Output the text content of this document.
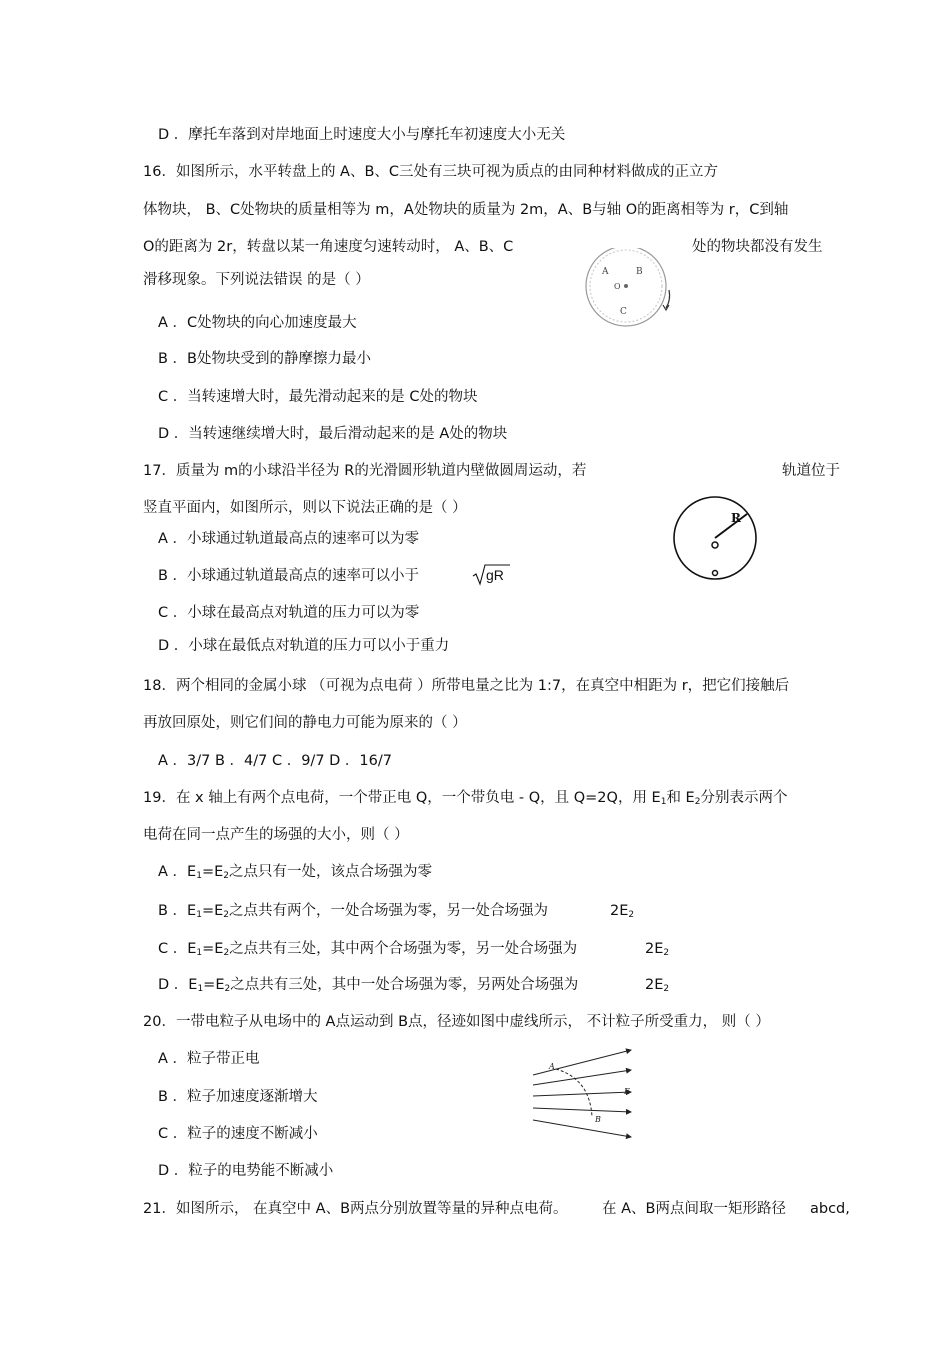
D ．摩托车落到对岸地面上时速度大小与摩托车初速度大小无关
16．如图所示，水平转盘上的 A、B、C三处有三块可视为质点的由同种材料做成的正立方
体物块， B、C处物块的质量相等为 m，A处物块的质量为 2m，A、B与轴 O的距离相等为 r，C到轴
O的距离为 2r，转盘以某一角速度匀速转动时， A、B、C	处的物块都没有发生
滑移现象。下列说法错误 的是（ ）	A	B
O
C
A ．C处物块的向心加速度最大
B ．B处物块受到的静摩擦力最小
C ．当转速增大时，最先滑动起来的是 C处的物块
D ．当转速继续增大时，最后滑动起来的是 A处的物块
17．质量为 m的小球沿半径为 R的光滑圆形轨道内壁做圆周运动，若	轨道位于
竖直平面内，如图所示，则以下说法正确的是（ ）
R
A ．小球通过轨道最高点的速率可以为零
B ．小球通过轨道最高点的速率可以小于	gR
C ．小球在最高点对轨道的压力可以为零
D ．小球在最低点对轨道的压力可以小于重力
18．两个相同的金属小球 （可视为点电荷 ）所带电量之比为 1:7，在真空中相距为 r，把它们接触后
再放回原处，则它们间的静电力可能为原来的（ ）
A ．3/7 B ．4/7 C ．9/7 D ．16/7
19．在 x 轴上有两个点电荷，一个带正电 Q，一个带负电 - Q，且 Q=2Q，用 $E_1$和 $E_2$分别表示两个
电荷在同一点产生的场强的大小，则（ ）
A ．$E_1=E_2$之点只有一处，该点合场强为零
B ．$E_1=E_2$之点共有两个，一处合场强为零，另一处合场强为	$2E_2$
C ．$E_1=E_2$之点共有三处，其中两个合场强为零，另一处合场强为	$2E_2$
D ．$E_1=E_2$之点共有三处，其中一处合场强为零，另两处合场强为	$2E_2$
20．一带电粒子从电场中的 A点运动到 B点，径迹如图中虚线所示， 不计粒子所受重力， 则（ ）
A ．粒子带正电
B ．粒子加速度逐渐增大
C ．粒子的速度不断减小
D ．粒子的电势能不断减小
A
B
E
21．如图所示， 在真空中 A、B两点分别放置等量的异种点电荷。 在 A、B两点间取一矩形路径 abcd,
